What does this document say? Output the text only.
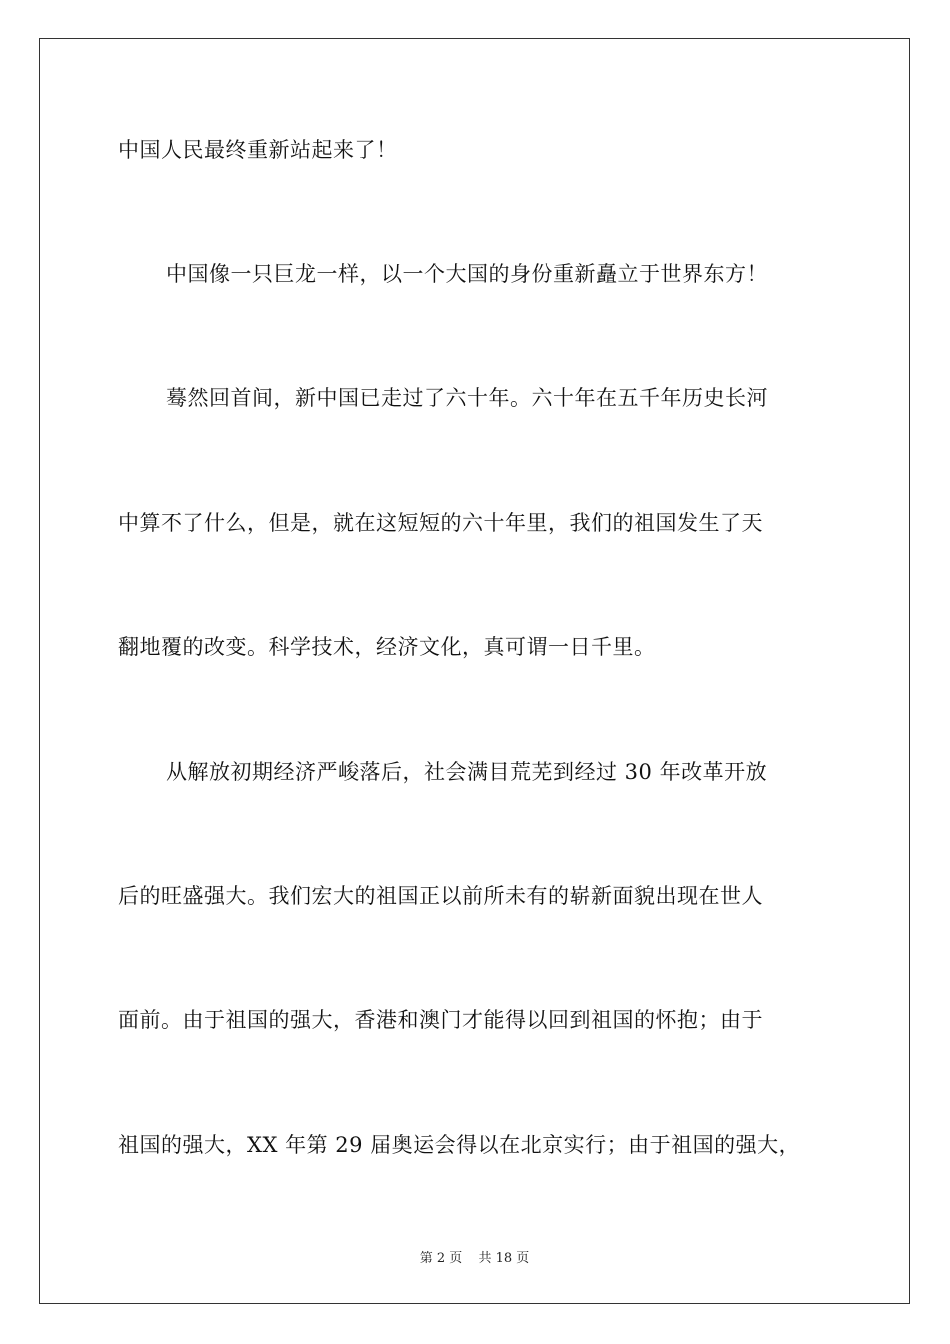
中国人民最终重新站起来了！
中国像一只巨龙一样，以一个大国的身份重新矗立于世界东方！
蓦然回首间，新中国已走过了六十年。六十年在五千年历史长河
中算不了什么，但是，就在这短短的六十年里，我们的祖国发生了天
翻地覆的改变。科学技术，经济文化，真可谓一日千里。
从解放初期经济严峻落后，社会满目荒芜到经过 30 年改革开放
后的旺盛强大。我们宏大的祖国正以前所未有的崭新面貌出现在世人
面前。由于祖国的强大，香港和澳门才能得以回到祖国的怀抱；由于
祖国的强大，XX 年第 29 届奥运会得以在北京实行；由于祖国的强大，
第 2 页 共 18 页
